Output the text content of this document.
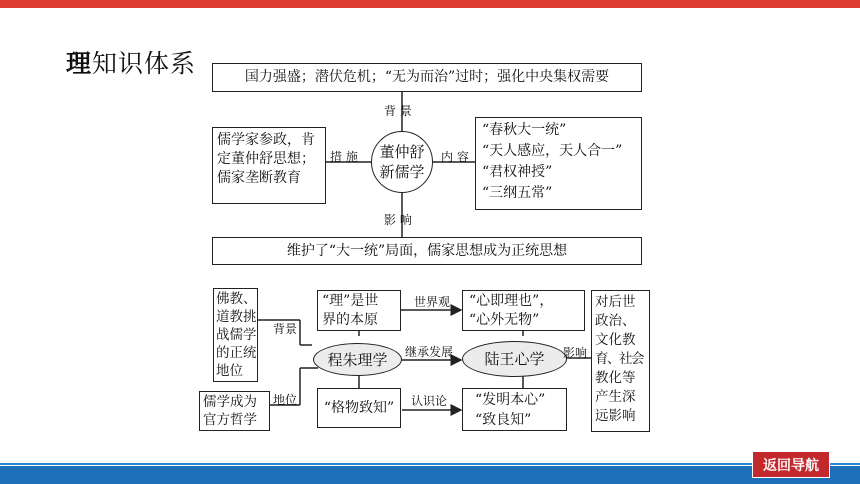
理知识体系	国力强盛；潜伏危机；“无为而治”过时；强化中央集权需要
背 景
措 施	内 容
影 响
儒学家参政，肯
定董仲舒思想；
儒家垄断教育
董仲舒
新儒学
“春秋大一统”
“天人感应，天人合一”
“君权神授”
“三纲五常”
维护了“大一统”局面，儒家思想成为正统思想
佛教、
道教挑
战儒学
的正统
地位
背景
儒学成为
官方哲学
地位
“理”是世
界的本原
世界观
程朱理学 继承发展
“格物致知” 认识论
“心即理也”，
“心外无物”
陆王心学 影响
“发明本心”
“致良知”
对后世
政治、
文化教
育、社会
教化等
产生深
远影响
返回导航
